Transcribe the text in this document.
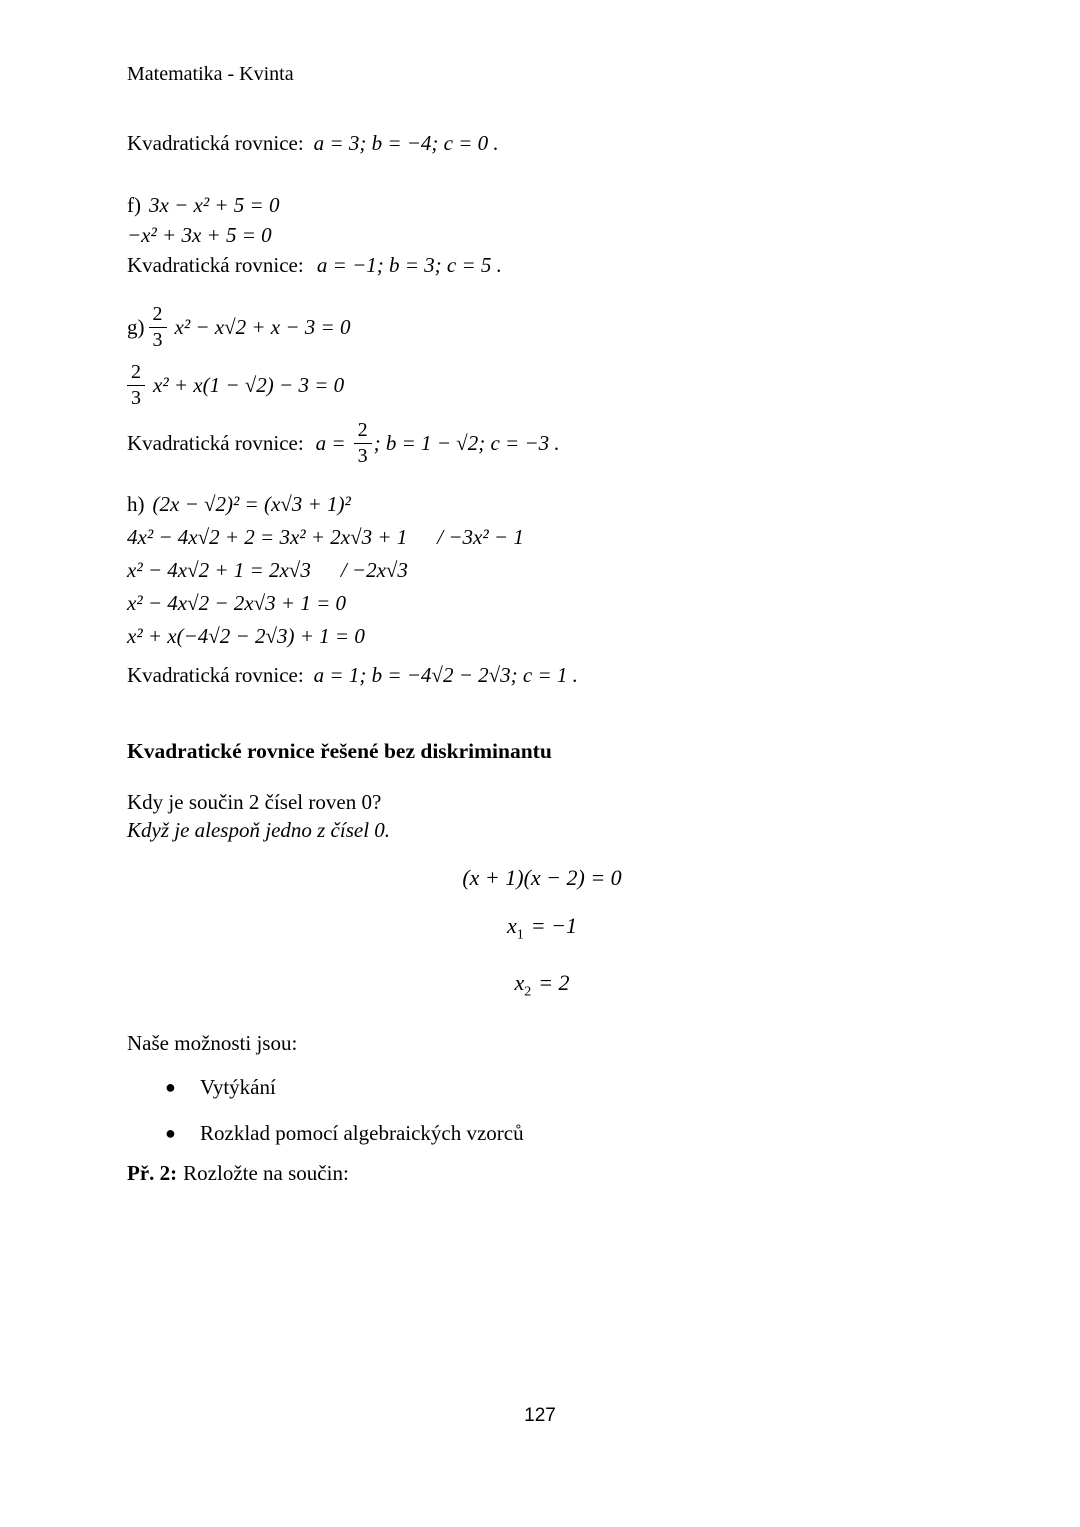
Matematika - Kvinta
Kvadratická rovnice: a = 3; b = −4; c = 0 .
f) 3x − x² + 5 = 0
−x² + 3x + 5 = 0
Kvadratická rovnice: a = −1; b = 3; c = 5 .
$g) \frac{2}{3} x^2 - x√2 + x - 3 = 0$
$\frac{2}{3} x^2 + x(1 - √2) - 3 = 0$
Kvadratická rovnice: $a = \frac{2}{3}$ ; b = 1 − √2; c = −3 .
h) (2x − √2)² = (x√3 + 1)²
4x² − 4x√2 + 2 = 3x² + 2x√3 + 1 / −3x² − 1
x² − 4x√2 + 1 = 2x√3 / −2x√3
x² − 4x√2 − 2x√3 + 1 = 0
x² + x(−4√2 − 2√3) + 1 = 0
Kvadratická rovnice: a = 1; b = −4√2 − 2√3; c = 1 .
Kvadratické rovnice řešené bez diskriminantu
Kdy je součin 2 čísel roven 0?
Když je alespoň jedno z čísel 0.
(x + 1)(x − 2) = 0
$x_1 = -1$
$x_2 = 2$
Naše možnosti jsou:
●	Vytýkání
●	Rozklad pomocí algebraických vzorců
Př. 2: Rozložte na součin:
127
